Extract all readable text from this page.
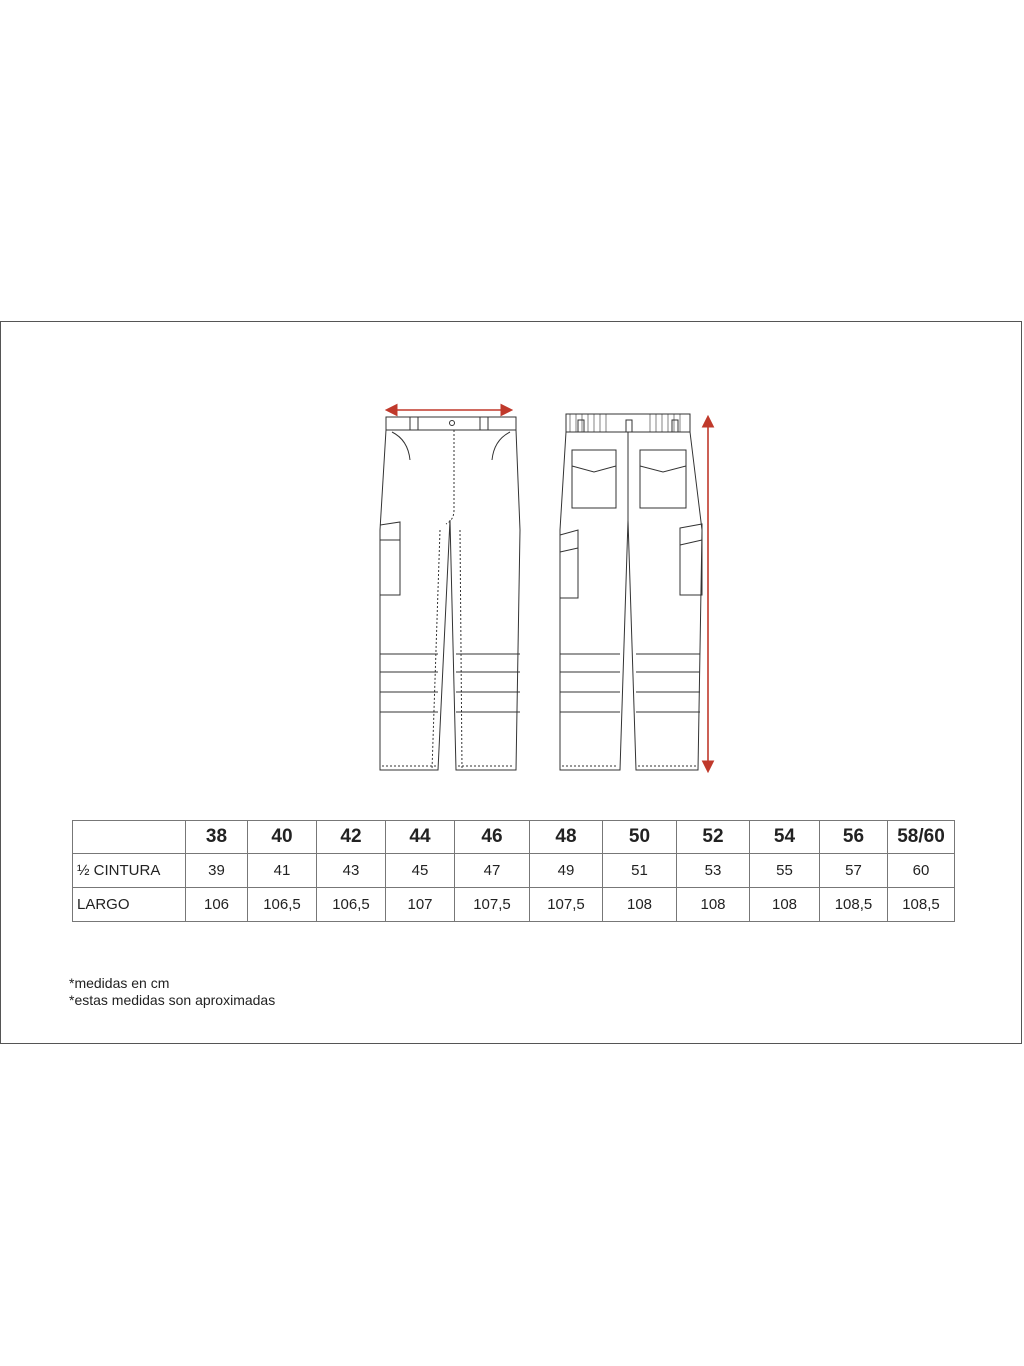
	38	40	42	44	46	48	50	52	54	56	58/60
½ CINTURA	39	41	43	45	47	49	51	53	55	57	60
LARGO	106	106,5	106,5	107	107,5	107,5	108	108	108	108,5	108,5
*medidas en cm
*estas medidas son aproximadas
